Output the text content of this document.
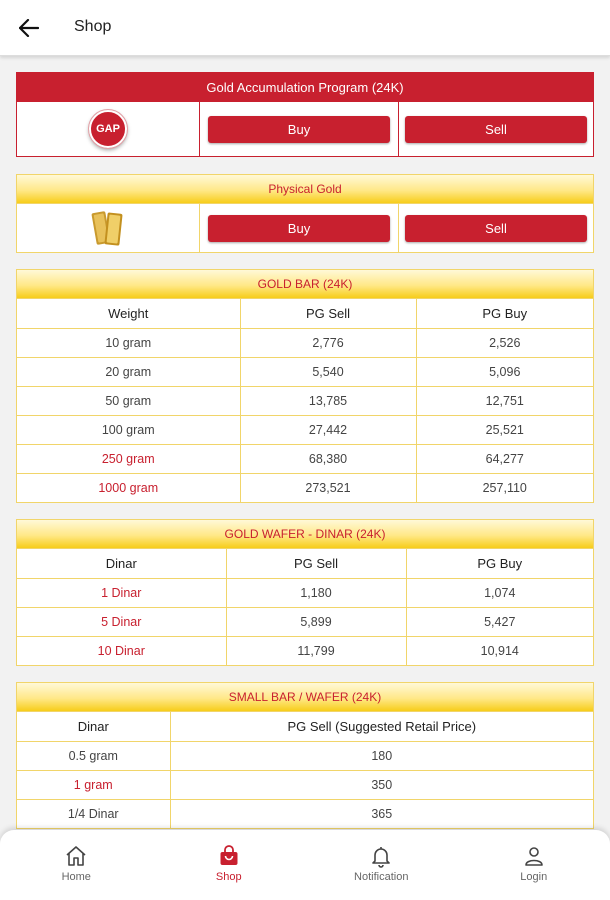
Shop
Gold Accumulation Program (24K)
GAP	Buy	Sell
Physical Gold
Buy	Sell
GOLD BAR (24K)
Weight	PG Sell	PG Buy
10 gram	2,776	2,526
20 gram	5,540	5,096
50 gram	13,785	12,751
100 gram	27,442	25,521
250 gram	68,380	64,277
1000 gram	273,521	257,110
GOLD WAFER - DINAR (24K)
Dinar	PG Sell	PG Buy
1 Dinar	1,180	1,074
5 Dinar	5,899	5,427
10 Dinar	11,799	10,914
SMALL BAR / WAFER (24K)
Dinar	PG Sell (Suggested Retail Price)
0.5 gram	180
1 gram	350
1/4 Dinar	365
Home	Shop	Notification	Login
